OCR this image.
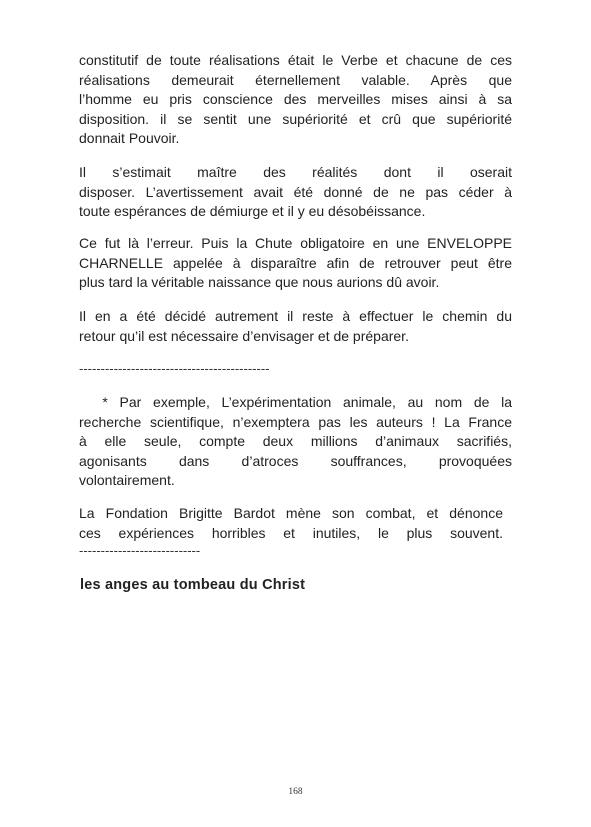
constitutif de toute réalisations était le Verbe et chacune de ces
réalisations demeurait éternellement valable. Après que
l’homme eu pris conscience des merveilles mises ainsi à sa
disposition. il se sentit une supériorité et crû que supériorité
donnait Pouvoir.
Il s’estimait maître des réalités dont il oserait
disposer. L’avertissement avait été donné de ne pas céder à
toute espérances de démiurge et il y eu désobéissance.
Ce fut là l’erreur. Puis la Chute obligatoire en une ENVELOPPE
CHARNELLE appelée à disparaître afin de retrouver peut être
plus tard la véritable naissance que nous aurions dû avoir.
Il en a été décidé autrement il reste à effectuer le chemin du
retour qu’il est nécessaire d’envisager et de préparer.
--------------------------------------------
* Par exemple, L’expérimentation animale, au nom de la
recherche scientifique, n’exemptera pas les auteurs ! La France
à elle seule, compte deux millions d’animaux sacrifiés,
agonisants dans d’atroces souffrances, provoquées
volontairement.
La Fondation Brigitte Bardot mène son combat, et dénonce
ces expériences horribles et inutiles, le plus souvent.
----------------------------
les anges au tombeau du Christ
168
